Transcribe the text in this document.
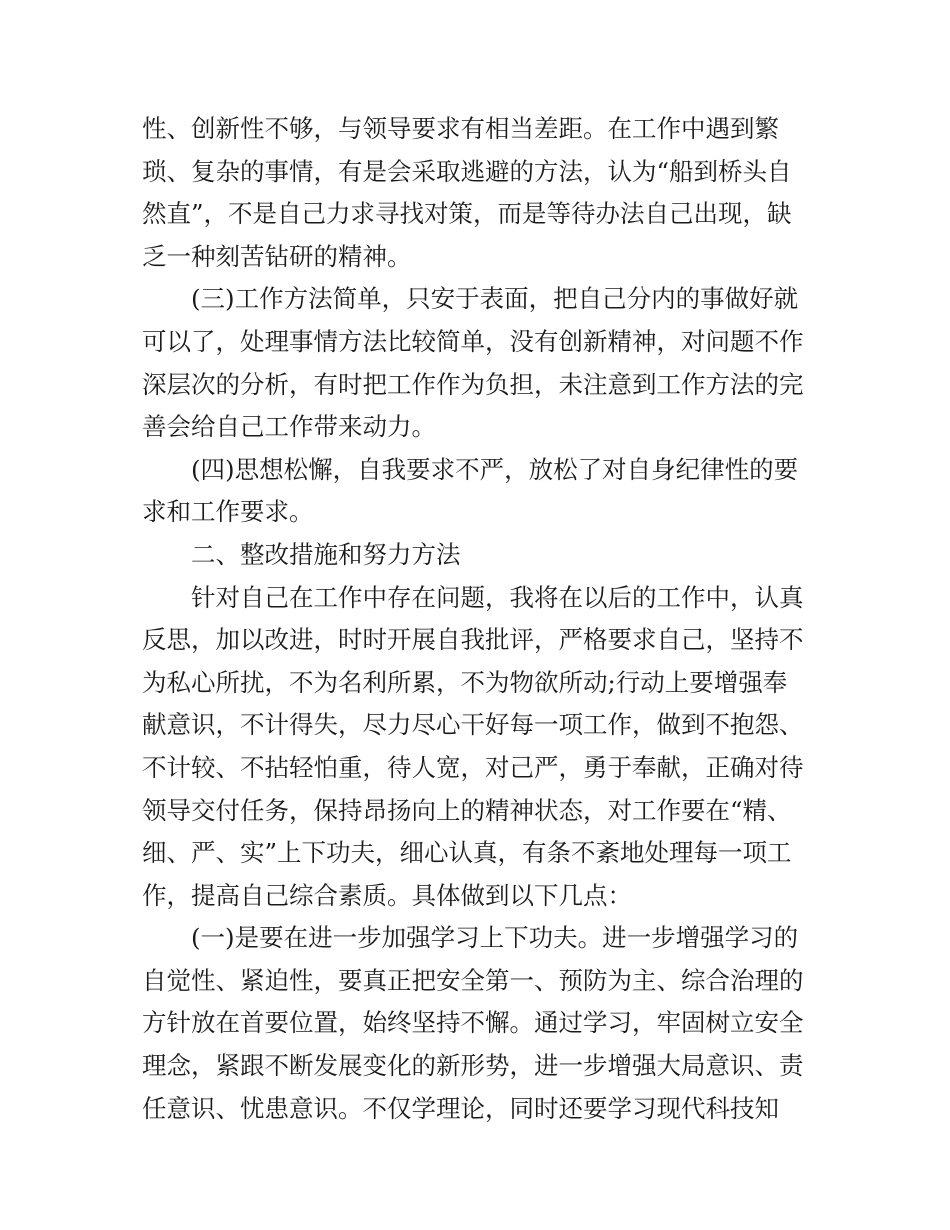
性、创新性不够，与领导要求有相当差距。在工作中遇到繁
琐、复杂的事情，有是会采取逃避的方法，认为“船到桥头自
然直”，不是自己力求寻找对策，而是等待办法自己出现，缺
乏一种刻苦钻研的精神。
(三)工作方法简单，只安于表面，把自己分内的事做好就
可以了，处理事情方法比较简单，没有创新精神，对问题不作
深层次的分析，有时把工作作为负担，未注意到工作方法的完
善会给自己工作带来动力。
(四)思想松懈，自我要求不严，放松了对自身纪律性的要
求和工作要求。
二、整改措施和努力方法
针对自己在工作中存在问题，我将在以后的工作中，认真
反思，加以改进，时时开展自我批评，严格要求自己，坚持不
为私心所扰，不为名利所累，不为物欲所动;行动上要增强奉
献意识，不计得失，尽力尽心干好每一项工作，做到不抱怨、
不计较、不拈轻怕重，待人宽，对己严，勇于奉献，正确对待
领导交付任务，保持昂扬向上的精神状态，对工作要在“精、
细、严、实”上下功夫，细心认真，有条不紊地处理每一项工
作，提高自己综合素质。具体做到以下几点：
(一)是要在进一步加强学习上下功夫。进一步增强学习的
自觉性、紧迫性，要真正把安全第一、预防为主、综合治理的
方针放在首要位置，始终坚持不懈。通过学习，牢固树立安全
理念，紧跟不断发展变化的新形势，进一步增强大局意识、责
任意识、忧患意识。不仅学理论，同时还要学习现代科技知
